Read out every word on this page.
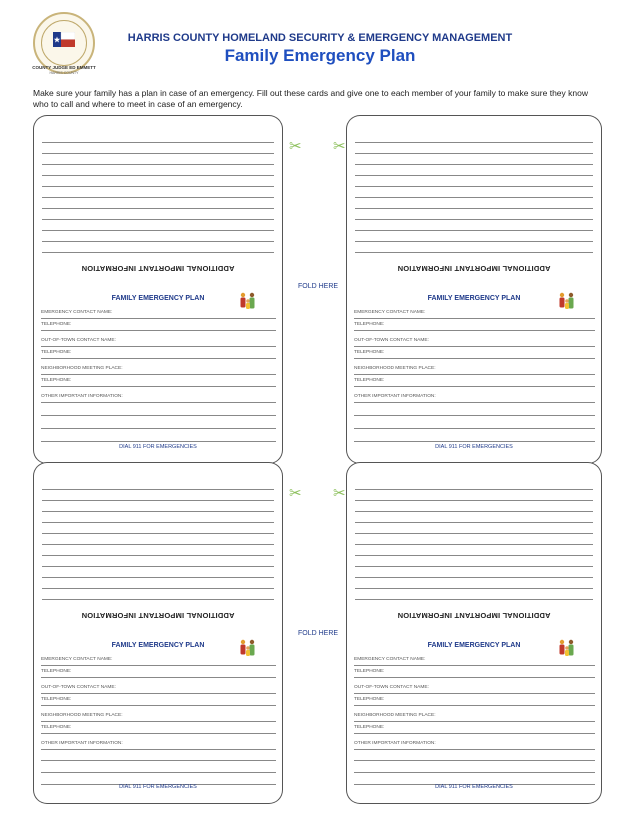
COUNTY JUDGE ED EMMETT
HARRIS COUNTY
HARRIS COUNTY HOMELAND SECURITY & EMERGENCY MANAGEMENT
Family Emergency Plan
Make sure your family has a plan in case of an emergency. Fill out these cards and give one to each member of your family to make sure they know who to call and where to meet in case of an emergency.
ADDITIONAL IMPORTANT INFORMATION
FAMILY EMERGENCY PLAN
EMERGENCY CONTACT NAME:
TELEPHONE:
OUT-OF-TOWN CONTACT NAME:
TELEPHONE:
NEIGHBORHOOD MEETING PLACE:
TELEPHONE:
OTHER IMPORTANT INFORMATION:
DIAL 911 FOR EMERGENCIES
ADDITIONAL IMPORTANT INFORMATION
FAMILY EMERGENCY PLAN
EMERGENCY CONTACT NAME:
TELEPHONE:
OUT-OF-TOWN CONTACT NAME:
TELEPHONE:
NEIGHBORHOOD MEETING PLACE:
TELEPHONE:
OTHER IMPORTANT INFORMATION:
DIAL 911 FOR EMERGENCIES
✂ ✂
FOLD HERE
ADDITIONAL IMPORTANT INFORMATION
FAMILY EMERGENCY PLAN
EMERGENCY CONTACT NAME:
TELEPHONE:
OUT-OF-TOWN CONTACT NAME:
TELEPHONE:
NEIGHBORHOOD MEETING PLACE:
TELEPHONE:
OTHER IMPORTANT INFORMATION:
DIAL 911 FOR EMERGENCIES
ADDITIONAL IMPORTANT INFORMATION
FAMILY EMERGENCY PLAN
EMERGENCY CONTACT NAME:
TELEPHONE:
OUT-OF-TOWN CONTACT NAME:
TELEPHONE:
NEIGHBORHOOD MEETING PLACE:
TELEPHONE:
OTHER IMPORTANT INFORMATION:
DIAL 911 FOR EMERGENCIES
✂ ✂
FOLD HERE
